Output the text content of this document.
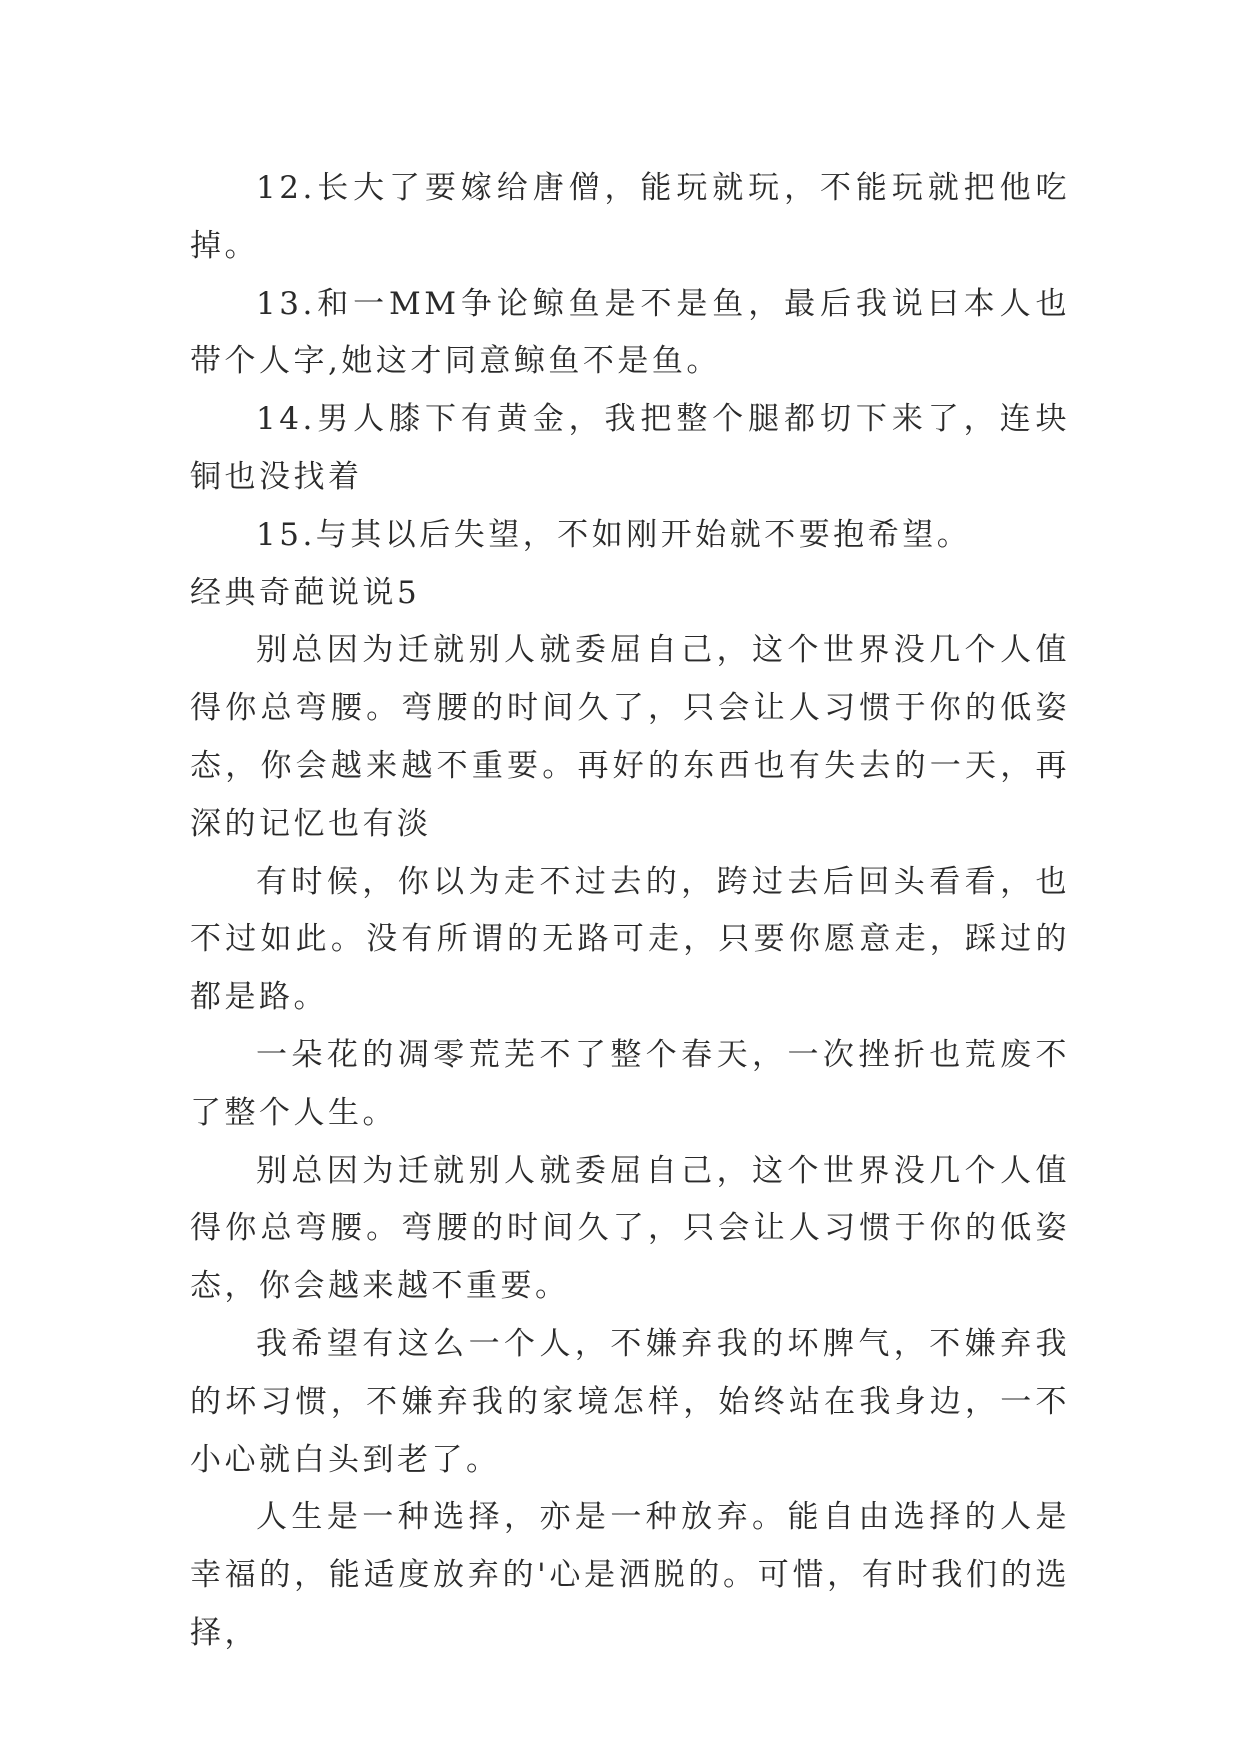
12.长大了要嫁给唐僧，能玩就玩，不能玩就把他吃掉。

13.和一MM争论鲸鱼是不是鱼，最后我说曰本人也带个人字,她这才同意鲸鱼不是鱼。

14.男人膝下有黄金，我把整个腿都切下来了，连块铜也没找着

15.与其以后失望，不如刚开始就不要抱希望。

经典奇葩说说5

别总因为迁就别人就委屈自己，这个世界没几个人值得你总弯腰。弯腰的时间久了，只会让人习惯于你的低姿态，你会越来越不重要。再好的东西也有失去的一天，再深的记忆也有淡

有时候，你以为走不过去的，跨过去后回头看看，也不过如此。没有所谓的无路可走，只要你愿意走，踩过的都是路。

一朵花的凋零荒芜不了整个春天，一次挫折也荒废不了整个人生。

别总因为迁就别人就委屈自己，这个世界没几个人值得你总弯腰。弯腰的时间久了，只会让人习惯于你的低姿态，你会越来越不重要。

我希望有这么一个人，不嫌弃我的坏脾气，不嫌弃我的坏习惯，不嫌弃我的家境怎样，始终站在我身边，一不小心就白头到老了。

人生是一种选择，亦是一种放弃。能自由选择的人是幸福的，能适度放弃的'心是洒脱的。可惜，有时我们的选择，
